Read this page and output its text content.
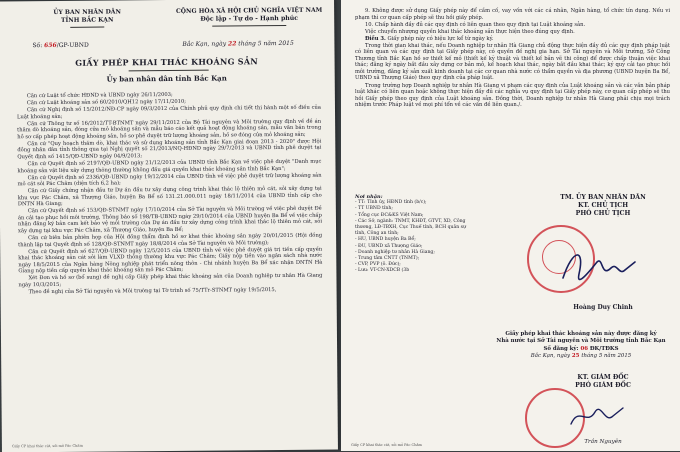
ỦY BAN NHÂN DÂN
TỈNH BẮC KẠN
CỘNG HÒA XÃ HỘI CHỦ NGHĨA VIỆT NAM
Độc lập - Tự do - Hạnh phúc
Số: 656/GP-UBND	Bắc Kạn, ngày 22 tháng 5 năm 2015
GIẤY PHÉP KHAI THÁC KHOÁNG SẢN
Ủy ban nhân dân tỉnh Bắc Kạn

Căn cứ Luật tổ chức HĐND và UBND ngày 26/11/2003;

Căn cứ Luật khoáng sản số 60/2010/QH12 ngày 17/11/2010;

Căn cứ Nghị định số 15/2012/NĐ-CP ngày 09/3/2012 của Chính phủ quy định chi tiết thi hành một số điều của Luật khoáng sản;

Căn cứ Thông tư số 16/2012/TT-BTNMT ngày 29/11/2012 của Bộ Tài nguyên và Môi trường quy định về đề án thăm dò khoáng sản, đóng cửa mỏ khoáng sản và mẫu báo cáo kết quả hoạt động khoáng sản, mẫu văn bản trong hồ sơ cấp phép hoạt động khoáng sản, hồ sơ phê duyệt trữ lượng khoáng sản, hồ sơ đóng cửa mỏ khoáng sản;

Căn cứ "Quy hoạch thăm dò, khai thác và sử dụng khoáng sản tỉnh Bắc Kạn giai đoạn 2013 - 2020" được Hội đồng nhân dân tỉnh thông qua tại Nghị quyết số 21/2013/NQ-HĐND ngày 29/7/2013 và UBND tỉnh phê duyệt tại Quyết định số 1415/QĐ-UBND ngày 04/9/2013;

Căn cứ Quyết định số 2197/QĐ-UBND ngày 21/12/2013 của UBND tỉnh Bắc Kạn về việc phê duyệt "Danh mục khoáng sản vật liệu xây dựng thông thường không đấu giá quyền khai thác khoáng sản tỉnh Bắc Kạn";

Căn cứ Quyết định số 2336/QĐ-UBND ngày 19/12/2014 của UBND tỉnh về việc phê duyệt trữ lượng khoáng sản mỏ cát sỏi Pác Châm (diện tích 6,2 ha);

Căn cứ Giấy chứng nhận đầu tư Dự án đầu tư xây dựng công trình khai thác lộ thiên mỏ cát, sỏi xây dựng tại khu vực Pác Châm, xã Thượng Giáo, huyện Ba Bể số 131.21.000.011 ngày 18/11/2014 của UBND tỉnh cấp cho DNTN Hà Giang;

Căn cứ Quyết định số 153/QĐ-STNMT ngày 17/10/2014 của Sở Tài nguyên và Môi trường về việc phê duyệt Đề án cải tạo phục hồi môi trường, Thông báo số 198/TB-UBND ngày 29/10/2014 của UBND huyện Ba Bể về việc chấp nhận đăng ký bản cam kết bảo vệ môi trường của Dự án đầu tư xây dựng công trình khai thác lộ thiên mỏ cát, sỏi xây dựng tại khu vực Pác Châm, xã Thượng Giáo, huyện Ba Bể;

Căn cứ biên bản phiên họp của Hội đồng thẩm định hồ sơ khai thác khoáng sản ngày 20/01/2015 (Hội đồng thành lập tại Quyết định số 128/QĐ-STNMT ngày 18/8/2014 của Sở Tài nguyên và Môi trường);

Căn cứ Quyết định số 627/QĐ-UBND ngày 12/5/2015 của UBND tỉnh về việc phê duyệt giá trị tiền cấp quyền khai thác khoáng sản cát sỏi làm VLXD thông thường khu vực Pác Châm; Giấy nộp tiền vào ngân sách nhà nước ngày 18/5/2015 của Ngân hàng Nông nghiệp phát triển nông thôn - Chi nhánh huyện Ba Bể xác nhận DNTN Hà Giang nộp tiền cấp quyền khai thác khoáng sản mỏ Pác Châm;

Xét Đơn và hồ sơ (bổ sung) đề nghị cấp Giấy phép khai thác khoáng sản của Doanh nghiệp tư nhân Hà Giang ngày 10/3/2015;

Theo đề nghị của Sở Tài nguyên và Môi trường tại Tờ trình số 75/TTr-STNMT ngày 19/5/2015,

Giấy CP khai thác cát, sỏi mỏ Pác Châm

9. Không được sử dụng Giấy phép này để cầm cố, vay vốn với các cá nhân, Ngân hàng, tổ chức tín dụng. Nếu vi phạm thì cơ quan cấp phép sẽ thu hồi giấy phép.

10. Chấp hành đầy đủ các quy định có liên quan theo quy định tại Luật khoáng sản.

Việc chuyển nhượng quyền khai thác khoáng sản thực hiện theo đúng quy định.

Điều 3. Giấy phép này có hiệu lực kể từ ngày ký.

Trong thời gian khai thác, nếu Doanh nghiệp tư nhân Hà Giang chủ động thực hiện đầy đủ các quy định pháp luật có liên quan và các quy định tại Giấy phép này, có quyền đề nghị gia hạn. Sở Tài nguyên và Môi trường, Sở Công Thương tỉnh Bắc Kạn hồ sơ thiết kế mỏ (thiết kế kỹ thuật và thiết kế bản vẽ thi công) để được chấp thuận việc khai thác; đăng ký ngày bắt đầu xây dựng cơ bản mỏ, kế hoạch khai thác, ngày bắt đầu khai thác; ký quỹ cải tạo phục hồi môi trường, đăng ký sản xuất kinh doanh tại các cơ quan nhà nước có thẩm quyền và địa phương (UBND huyện Ba Bể, UBND xã Thượng Giáo) theo quy định của pháp luật.

Trong trường hợp Doanh nghiệp tư nhân Hà Giang vi phạm các quy định của Luật khoáng sản và các văn bản pháp luật khác có liên quan hoặc không thực hiện đầy đủ các nghĩa vụ quy định tại Giấy phép này, cơ quan cấp phép sẽ thu hồi Giấy phép theo quy định của Luật khoáng sản. Đồng thời, Doanh nghiệp tư nhân Hà Giang phải chịu mọi trách nhiệm trước Pháp luật về mọi phí tổn về các vấn đề liên quan./.

Nơi nhận:
- TT: Tỉnh ủy, HĐND tỉnh (b/c);
- TT UBND tỉnh;
- Tổng cục ĐC&KS Việt Nam;
- Các Sở, ngành: TNMT, KHĐT, GTVT, XD, Công thương, LĐ-TBXH, Cục Thuế tỉnh, BCH quân sự tỉnh, Công an tỉnh;
- HU, UBND huyện Ba Bể;
- ĐU, UBND xã Thượng Giáo;
- Doanh nghiệp tư nhân Hà Giang;
- Trung tâm CNTT (TNMT);
- CVP, PVP (ô. Đức);
- Lưu: VT-CN-XDCB (3b
TM. ỦY BAN NHÂN DÂN
KT. CHỦ TỊCH
PHÓ CHỦ TỊCH
Hoàng Duy Chinh
Giấy phép khai thác khoáng sản này được đăng ký
Nhà nước tại Sở Tài nguyên và Môi trường tỉnh Bắc Kạn
Số đăng ký: 06 ĐK/TĐKS
Bắc Kạn, ngày 25 tháng 5 năm 2015
KT. GIÁM ĐỐC
PHÓ GIÁM ĐỐC
Trần Nguyên
Giấy CP khai thác cát, sỏi mỏ Pác Châm
